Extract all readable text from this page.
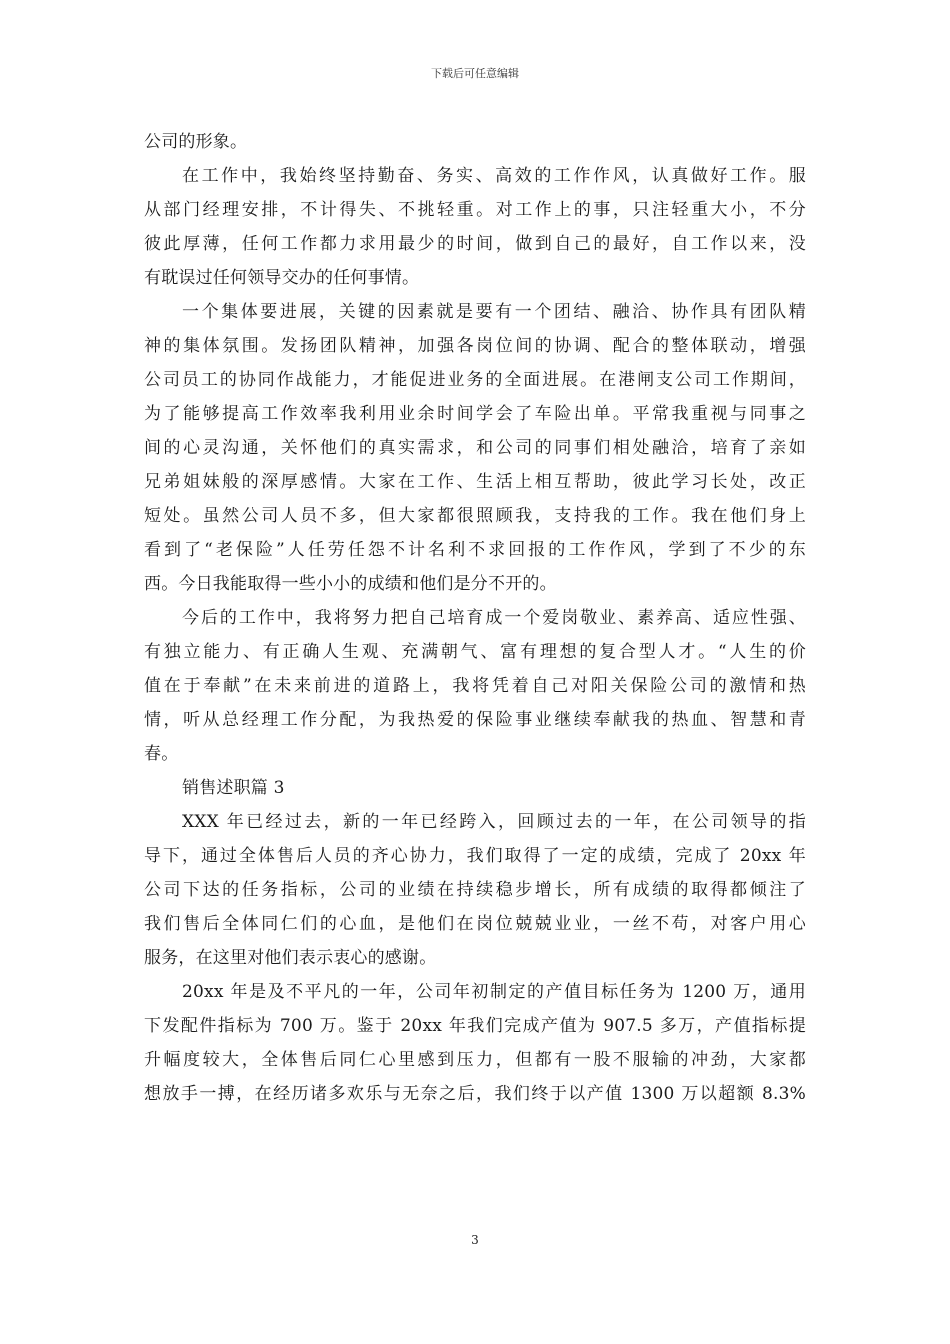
下载后可任意编辑
公司的形象。
在工作中，我始终坚持勤奋、务实、高效的工作作风，认真做好工作。服
从部门经理安排，不计得失、不挑轻重。对工作上的事，只注轻重大小，不分
彼此厚薄，任何工作都力求用最少的时间，做到自己的最好，自工作以来，没
有耽误过任何领导交办的任何事情。
一个集体要进展，关键的因素就是要有一个团结、融洽、协作具有团队精
神的集体氛围。发扬团队精神，加强各岗位间的协调、配合的整体联动，增强
公司员工的协同作战能力，才能促进业务的全面进展。在港闸支公司工作期间，
为了能够提高工作效率我利用业余时间学会了车险出单。平常我重视与同事之
间的心灵沟通，关怀他们的真实需求，和公司的同事们相处融洽，培育了亲如
兄弟姐妹般的深厚感情。大家在工作、生活上相互帮助，彼此学习长处，改正
短处。虽然公司人员不多，但大家都很照顾我，支持我的工作。我在他们身上
看到了“老保险”人任劳任怨不计名利不求回报的工作作风，学到了不少的东
西。今日我能取得一些小小的成绩和他们是分不开的。
今后的工作中，我将努力把自己培育成一个爱岗敬业、素养高、适应性强、
有独立能力、有正确人生观、充满朝气、富有理想的复合型人才。“人生的价
值在于奉献”在未来前进的道路上，我将凭着自己对阳关保险公司的激情和热
情，听从总经理工作分配，为我热爱的保险事业继续奉献我的热血、智慧和青
春。
销售述职篇 3
XXX 年已经过去，新的一年已经跨入，回顾过去的一年，在公司领导的指
导下，通过全体售后人员的齐心协力，我们取得了一定的成绩，完成了 20xx 年
公司下达的任务指标，公司的业绩在持续稳步增长，所有成绩的取得都倾注了
我们售后全体同仁们的心血，是他们在岗位兢兢业业，一丝不苟，对客户用心
服务，在这里对他们表示衷心的感谢。
20xx 年是及不平凡的一年，公司年初制定的产值目标任务为 1200 万，通用
下发配件指标为 700 万。鉴于 20xx 年我们完成产值为 907.5 多万，产值指标提
升幅度较大，全体售后同仁心里感到压力，但都有一股不服输的冲劲，大家都
想放手一搏，在经历诸多欢乐与无奈之后，我们终于以产值 1300 万以超额 8.3%
3
